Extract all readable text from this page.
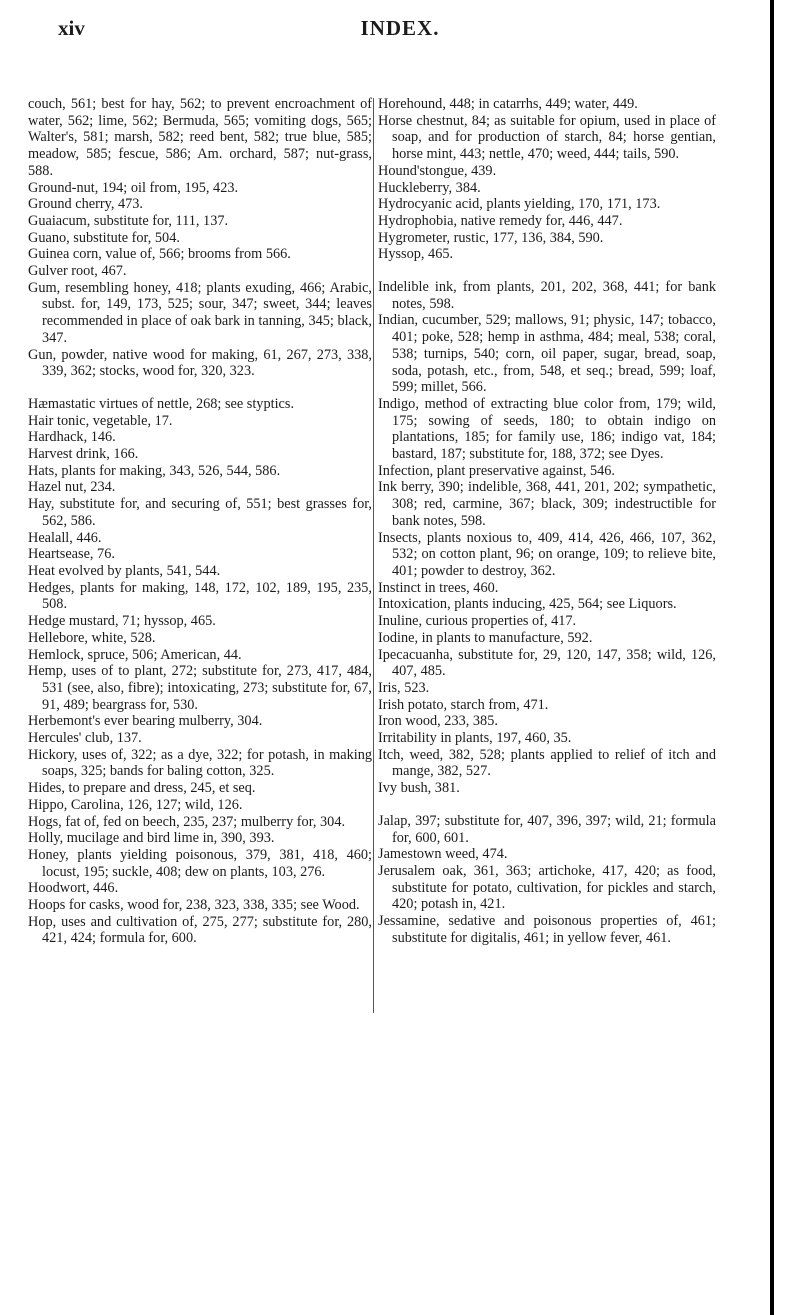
xiv	INDEX.

couch, 561; best for hay, 562; to prevent encroachment of water, 562; lime, 562; Bermuda, 565; vomiting dogs, 565; Walter's, 581; marsh, 582; reed bent, 582; true blue, 585; meadow, 585; fescue, 586; Am. orchard, 587; nut-grass, 588.

Ground-nut, 194; oil from, 195, 423.

Ground cherry, 473.

Guaiacum, substitute for, 111, 137.

Guano, substitute for, 504.

Guinea corn, value of, 566; brooms from 566.

Gulver root, 467.

Gum, resembling honey, 418; plants exuding, 466; Arabic, subst. for, 149, 173, 525; sour, 347; sweet, 344; leaves recommended in place of oak bark in tanning, 345; black, 347.

Gun, powder, native wood for making, 61, 267, 273, 338, 339, 362; stocks, wood for, 320, 323.

Hæmastatic virtues of nettle, 268; see styptics.

Hair tonic, vegetable, 17.

Hardhack, 146.

Harvest drink, 166.

Hats, plants for making, 343, 526, 544, 586.

Hazel nut, 234.

Hay, substitute for, and securing of, 551; best grasses for, 562, 586.

Healall, 446.

Heartsease, 76.

Heat evolved by plants, 541, 544.

Hedges, plants for making, 148, 172, 102, 189, 195, 235, 508.

Hedge mustard, 71; hyssop, 465.

Hellebore, white, 528.

Hemlock, spruce, 506; American, 44.

Hemp, uses of to plant, 272; substitute for, 273, 417, 484, 531 (see, also, fibre); intoxicating, 273; substitute for, 67, 91, 489; beargrass for, 530.

Herbemont's ever bearing mulberry, 304.

Hercules' club, 137.

Hickory, uses of, 322; as a dye, 322; for potash, in making soaps, 325; bands for baling cotton, 325.

Hides, to prepare and dress, 245, et seq.

Hippo, Carolina, 126, 127; wild, 126.

Hogs, fat of, fed on beech, 235, 237; mulberry for, 304.

Holly, mucilage and bird lime in, 390, 393.

Honey, plants yielding poisonous, 379, 381, 418, 460; locust, 195; suckle, 408; dew on plants, 103, 276.

Hoodwort, 446.

Hoops for casks, wood for, 238, 323, 338, 335; see Wood.

Hop, uses and cultivation of, 275, 277; substitute for, 280, 421, 424; formula for, 600.

Horehound, 448; in catarrhs, 449; water, 449.

Horse chestnut, 84; as suitable for opium, used in place of soap, and for production of starch, 84; horse gentian, horse mint, 443; nettle, 470; weed, 444; tails, 590.

Hound'stongue, 439.

Huckleberry, 384.

Hydrocyanic acid, plants yielding, 170, 171, 173.

Hydrophobia, native remedy for, 446, 447.

Hygrometer, rustic, 177, 136, 384, 590.

Hyssop, 465.

Indelible ink, from plants, 201, 202, 368, 441; for bank notes, 598.

Indian, cucumber, 529; mallows, 91; physic, 147; tobacco, 401; poke, 528; hemp in asthma, 484; meal, 538; coral, 538; turnips, 540; corn, oil paper, sugar, bread, soap, soda, potash, etc., from, 548, et seq.; bread, 599; loaf, 599; millet, 566.

Indigo, method of extracting blue color from, 179; wild, 175; sowing of seeds, 180; to obtain indigo on plantations, 185; for family use, 186; indigo vat, 184; bastard, 187; substitute for, 188, 372; see Dyes.

Infection, plant preservative against, 546.

Ink berry, 390; indelible, 368, 441, 201, 202; sympathetic, 308; red, carmine, 367; black, 309; indestructible for bank notes, 598.

Insects, plants noxious to, 409, 414, 426, 466, 107, 362, 532; on cotton plant, 96; on orange, 109; to relieve bite, 401; powder to destroy, 362.

Instinct in trees, 460.

Intoxication, plants inducing, 425, 564; see Liquors.

Inuline, curious properties of, 417.

Iodine, in plants to manufacture, 592.

Ipecacuanha, substitute for, 29, 120, 147, 358; wild, 126, 407, 485.

Iris, 523.

Irish potato, starch from, 471.

Iron wood, 233, 385.

Irritability in plants, 197, 460, 35.

Itch, weed, 382, 528; plants applied to relief of itch and mange, 382, 527.

Ivy bush, 381.

Jalap, 397; substitute for, 407, 396, 397; wild, 21; formula for, 600, 601.

Jamestown weed, 474.

Jerusalem oak, 361, 363; artichoke, 417, 420; as food, substitute for potato, cultivation, for pickles and starch, 420; potash in, 421.

Jessamine, sedative and poisonous properties of, 461; substitute for digitalis, 461; in yellow fever, 461.
